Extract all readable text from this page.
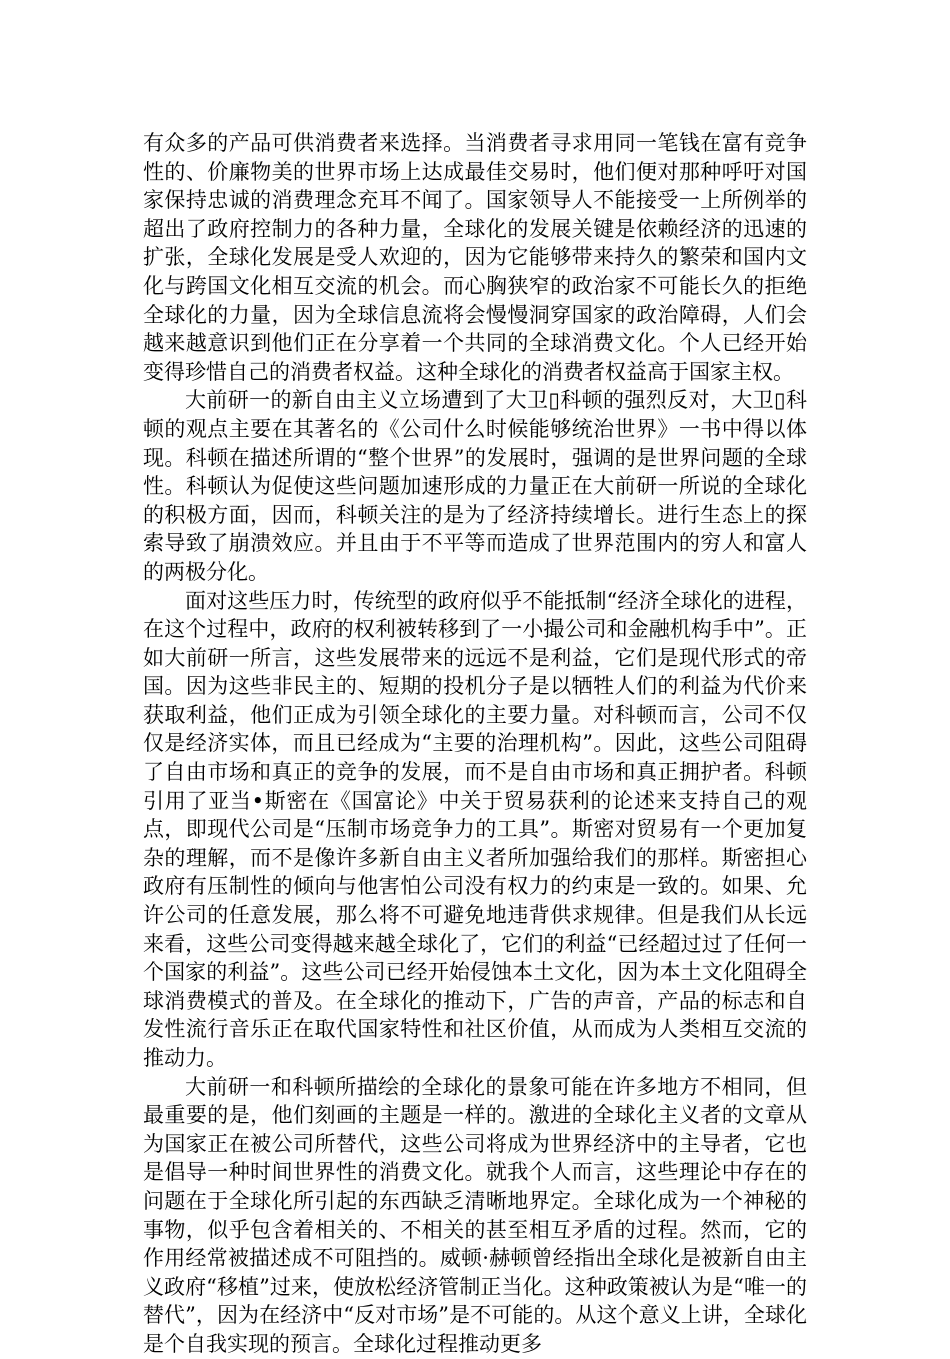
有众多的产品可供消费者来选择。当消费者寻求用同一笔钱在富有竞争性的、价廉物美的世界市场上达成最佳交易时，他们便对那种呼吁对国家保持忠诚的消费理念充耳不闻了。国家领导人不能接受一上所例举的超出了政府控制力的各种力量，全球化的发展关键是依赖经济的迅速的扩张，全球化发展是受人欢迎的，因为它能够带来持久的繁荣和国内文化与跨国文化相互交流的机会。而心胸狭窄的政治家不可能长久的拒绝全球化的力量，因为全球信息流将会慢慢洞穿国家的政治障碍，人们会越来越意识到他们正在分享着一个共同的全球消费文化。个人已经开始变得珍惜自己的消费者权益。这种全球化的消费者权益高于国家主权。

大前研一的新自由主义立场遭到了大卫▯科顿的强烈反对，大卫▯科顿的观点主要在其著名的《公司什么时候能够统治世界》一书中得以体现。科顿在描述所谓的“整个世界”的发展时，强调的是世界问题的全球性。科顿认为促使这些问题加速形成的力量正在大前研一所说的全球化的积极方面，因而，科顿关注的是为了经济持续增长。进行生态上的探索导致了崩溃效应。并且由于不平等而造成了世界范围内的穷人和富人的两极分化。

面对这些压力时，传统型的政府似乎不能抵制“经济全球化的进程，在这个过程中，政府的权利被转移到了一小撮公司和金融机构手中”。正如大前研一所言，这些发展带来的远远不是利益，它们是现代形式的帝国。因为这些非民主的、短期的投机分子是以牺牲人们的利益为代价来获取利益，他们正成为引领全球化的主要力量。对科顿而言，公司不仅仅是经济实体，而且已经成为“主要的治理机构”。因此，这些公司阻碍了自由市场和真正的竞争的发展，而不是自由市场和真正拥护者。科顿引用了亚当•斯密在《国富论》中关于贸易获利的论述来支持自己的观点，即现代公司是“压制市场竞争力的工具”。斯密对贸易有一个更加复杂的理解，而不是像许多新自由主义者所加强给我们的那样。斯密担心政府有压制性的倾向与他害怕公司没有权力的约束是一致的。如果、允许公司的任意发展，那么将不可避免地违背供求规律。但是我们从长远来看，这些公司变得越来越全球化了，它们的利益“已经超过过了任何一个国家的利益”。这些公司已经开始侵蚀本土文化，因为本土文化阻碍全球消费模式的普及。在全球化的推动下，广告的声音，产品的标志和自发性流行音乐正在取代国家特性和社区价值，从而成为人类相互交流的推动力。

大前研一和科顿所描绘的全球化的景象可能在许多地方不相同，但最重要的是，他们刻画的主题是一样的。激进的全球化主义者的文章从为国家正在被公司所替代，这些公司将成为世界经济中的主导者，它也是倡导一种时间世界性的消费文化。就我个人而言，这些理论中存在的问题在于全球化所引起的东西缺乏清晰地界定。全球化成为一个神秘的事物，似乎包含着相关的、不相关的甚至相互矛盾的过程。然而，它的作用经常被描述成不可阻挡的。威顿·赫顿曾经指出全球化是被新自由主义政府“移植”过来，使放松经济管制正当化。这种政策被认为是“唯一的替代”，因为在经济中“反对市场”是不可能的。从这个意义上讲，全球化是个自我实现的预言。全球化过程推动更多
